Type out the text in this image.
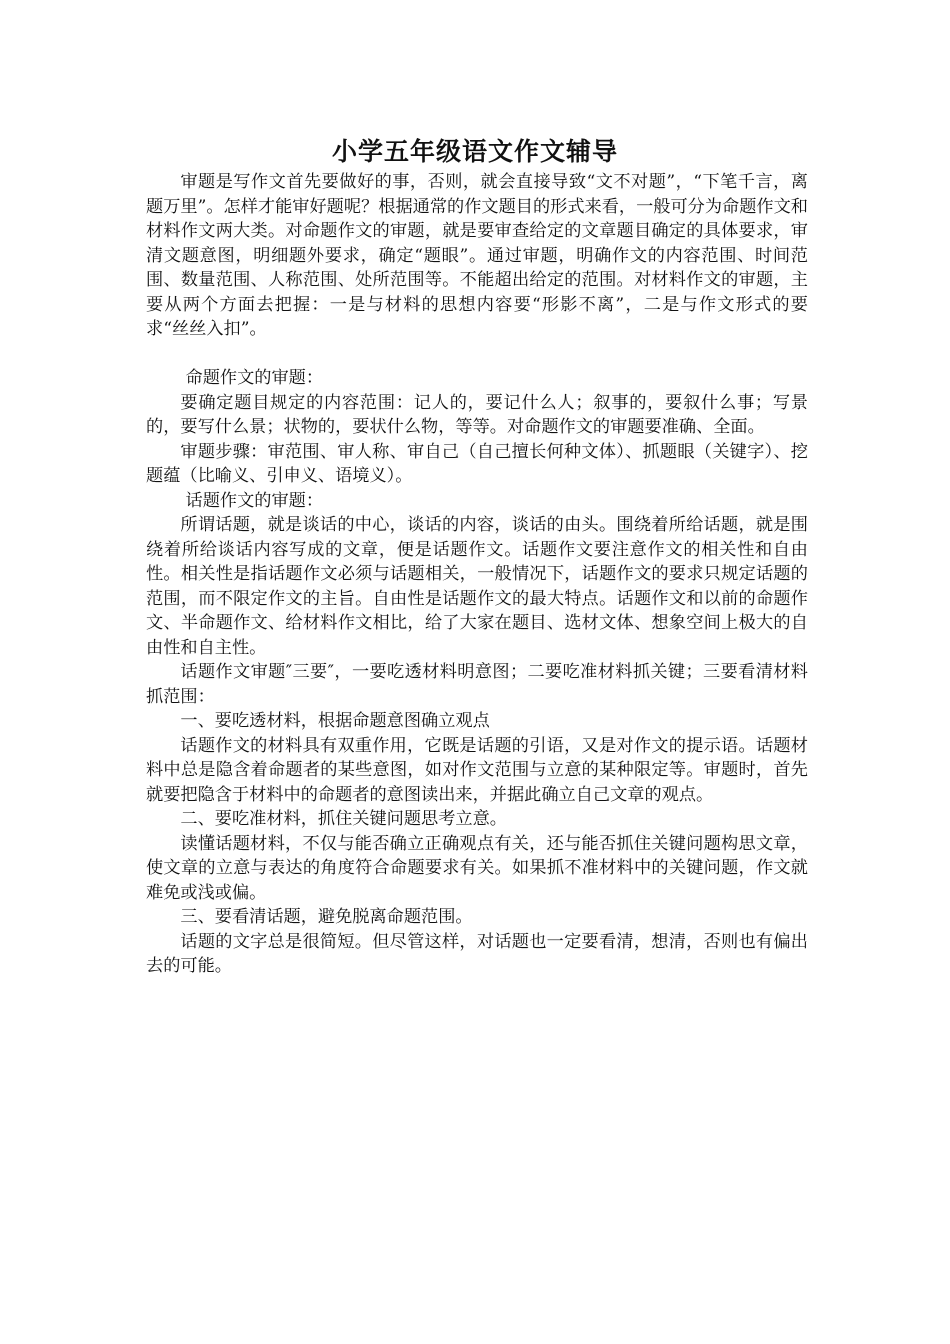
小学五年级语文作文辅导

审题是写作文首先要做好的事，否则，就会直接导致“文不对题”，“下笔千言，离题万里”。怎样才能审好题呢？根据通常的作文题目的形式来看，一般可分为命题作文和材料作文两大类。对命题作文的审题，就是要审查给定的文章题目确定的具体要求，审清文题意图，明细题外要求，确定“题眼”。通过审题，明确作文的内容范围、时间范围、数量范围、人称范围、处所范围等。不能超出给定的范围。对材料作文的审题，主要从两个方面去把握：一是与材料的思想内容要“形影不离”，二是与作文形式的要求“丝丝入扣”。

命题作文的审题：

要确定题目规定的内容范围：记人的，要记什么人；叙事的，要叙什么事；写景的，要写什么景；状物的，要状什么物，等等。对命题作文的审题要准确、全面。

审题步骤：审范围、审人称、审自己（自己擅长何种文体）、抓题眼（关键字）、挖题蕴（比喻义、引申义、语境义）。

话题作文的审题：

所谓话题，就是谈话的中心，谈话的内容，谈话的由头。围绕着所给话题，就是围绕着所给谈话内容写成的文章，便是话题作文。话题作文要注意作文的相关性和自由性。相关性是指话题作文必须与话题相关，一般情况下，话题作文的要求只规定话题的范围，而不限定作文的主旨。自由性是话题作文的最大特点。话题作文和以前的命题作文、半命题作文、给材料作文相比，给了大家在题目、选材文体、想象空间上极大的自由性和自主性。

话题作文审题″三要″，一要吃透材料明意图；二要吃准材料抓关键；三要看清材料抓范围：

一、要吃透材料，根据命题意图确立观点

话题作文的材料具有双重作用，它既是话题的引语，又是对作文的提示语。话题材料中总是隐含着命题者的某些意图，如对作文范围与立意的某种限定等。审题时，首先就要把隐含于材料中的命题者的意图读出来，并据此确立自己文章的观点。

二、要吃准材料，抓住关键问题思考立意。

读懂话题材料，不仅与能否确立正确观点有关，还与能否抓住关键问题构思文章，使文章的立意与表达的角度符合命题要求有关。如果抓不准材料中的关键问题，作文就难免或浅或偏。

三、要看清话题，避免脱离命题范围。

话题的文字总是很简短。但尽管这样，对话题也一定要看清，想清，否则也有偏出去的可能。
